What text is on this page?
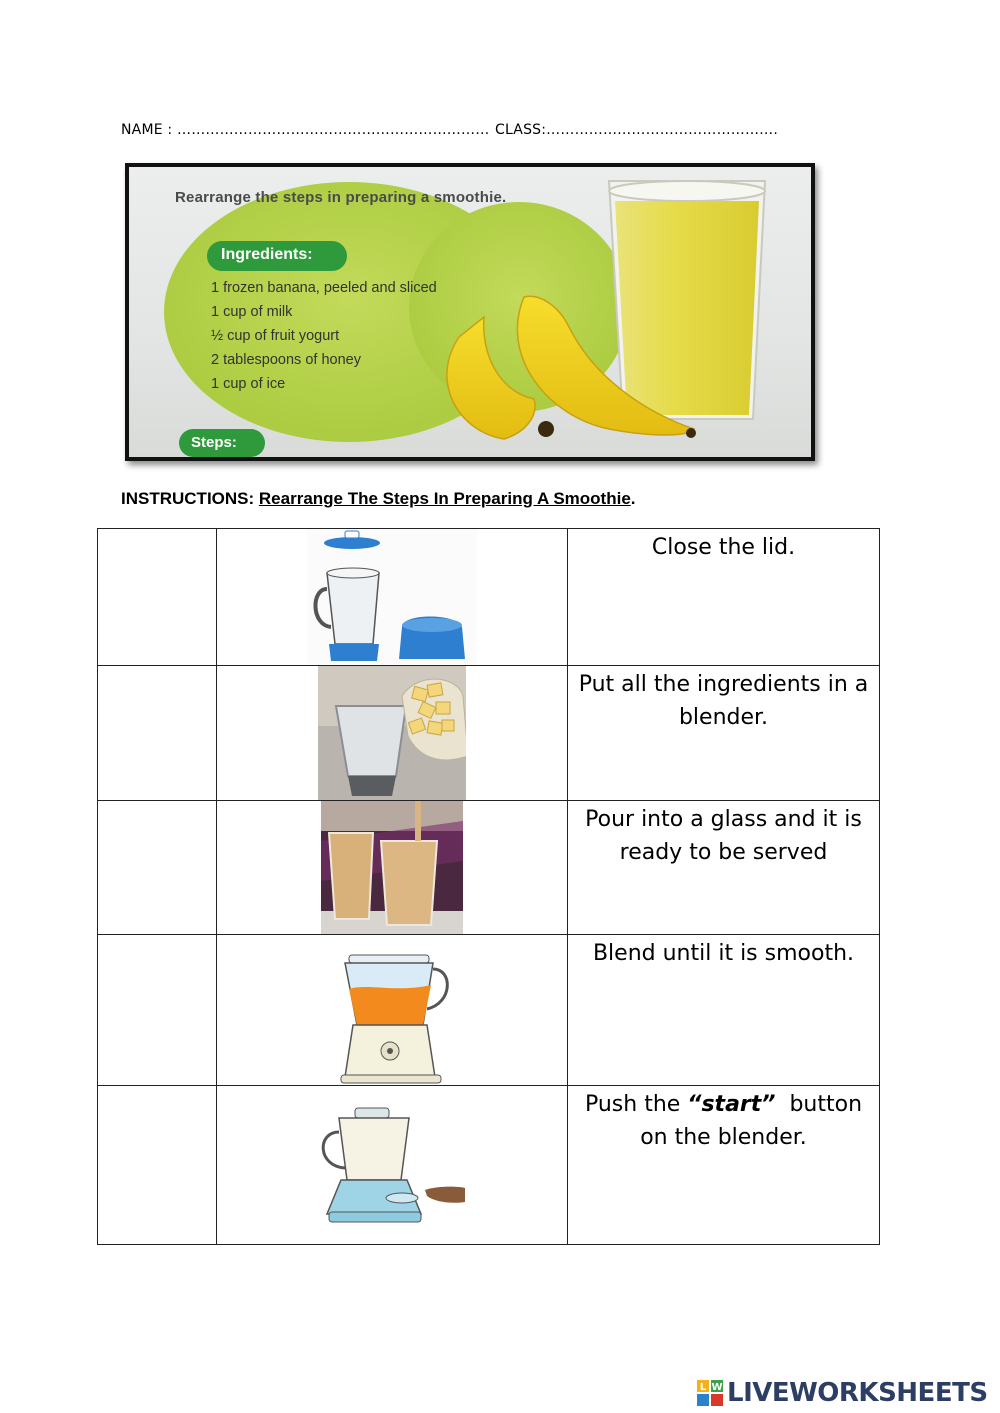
NAME : ………………………………………………………… CLASS:………………………………………….
Rearrange the steps in preparing a smoothie.
Ingredients:
1 frozen banana, peeled and sliced
1 cup of milk
½ cup of fruit yogurt
2 tablespoons of honey
1 cup of ice
Steps:
INSTRUCTIONS: Rearrange The Steps In Preparing A Smoothie.

	Close the lid.

	Put all the ingredients in a blender.

	Pour into a glass and it is ready to be served

	Blend until it is smooth.

	Push the “start”  button on the blender.
L W LIVEWORKSHEETS
